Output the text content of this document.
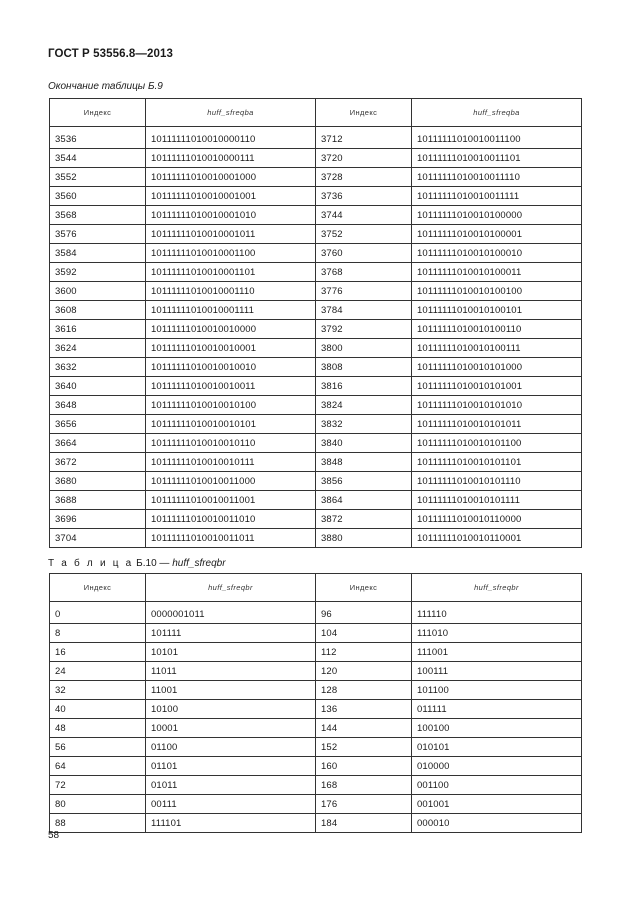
ГОСТ Р 53556.8—2013
Окончание таблицы Б.9
Индекс	huff_sfreqba	Индекс	huff_sfreqba

3536	10111111010010000110	3712	10111111010010011100
3544	10111111010010000111	3720	10111111010010011101
3552	10111111010010001000	3728	10111111010010011110
3560	10111111010010001001	3736	10111111010010011111
3568	10111111010010001010	3744	10111111010010100000
3576	10111111010010001011	3752	10111111010010100001
3584	10111111010010001100	3760	10111111010010100010
3592	10111111010010001101	3768	10111111010010100011
3600	10111111010010001110	3776	10111111010010100100
3608	10111111010010001111	3784	10111111010010100101
3616	10111111010010010000	3792	10111111010010100110
3624	10111111010010010001	3800	10111111010010100111
3632	10111111010010010010	3808	10111111010010101000
3640	10111111010010010011	3816	10111111010010101001
3648	10111111010010010100	3824	10111111010010101010
3656	10111111010010010101	3832	10111111010010101011
3664	10111111010010010110	3840	10111111010010101100
3672	10111111010010010111	3848	10111111010010101101
3680	10111111010010011000	3856	10111111010010101110
3688	10111111010010011001	3864	10111111010010101111
3696	10111111010010011010	3872	10111111010010110000
3704	10111111010010011011	3880	10111111010010110001
Т а б л и ц а Б.10 — huff_sfreqbr
Индекс	huff_sfreqbr	Индекс	huff_sfreqbr

0	0000001011	96	111110
8	101111	104	111010
16	10101	112	111001
24	11011	120	100111
32	11001	128	101100
40	10100	136	011111
48	10001	144	100100
56	01100	152	010101
64	01101	160	010000
72	01011	168	001100
80	00111	176	001001
88	111101	184	000010
58
